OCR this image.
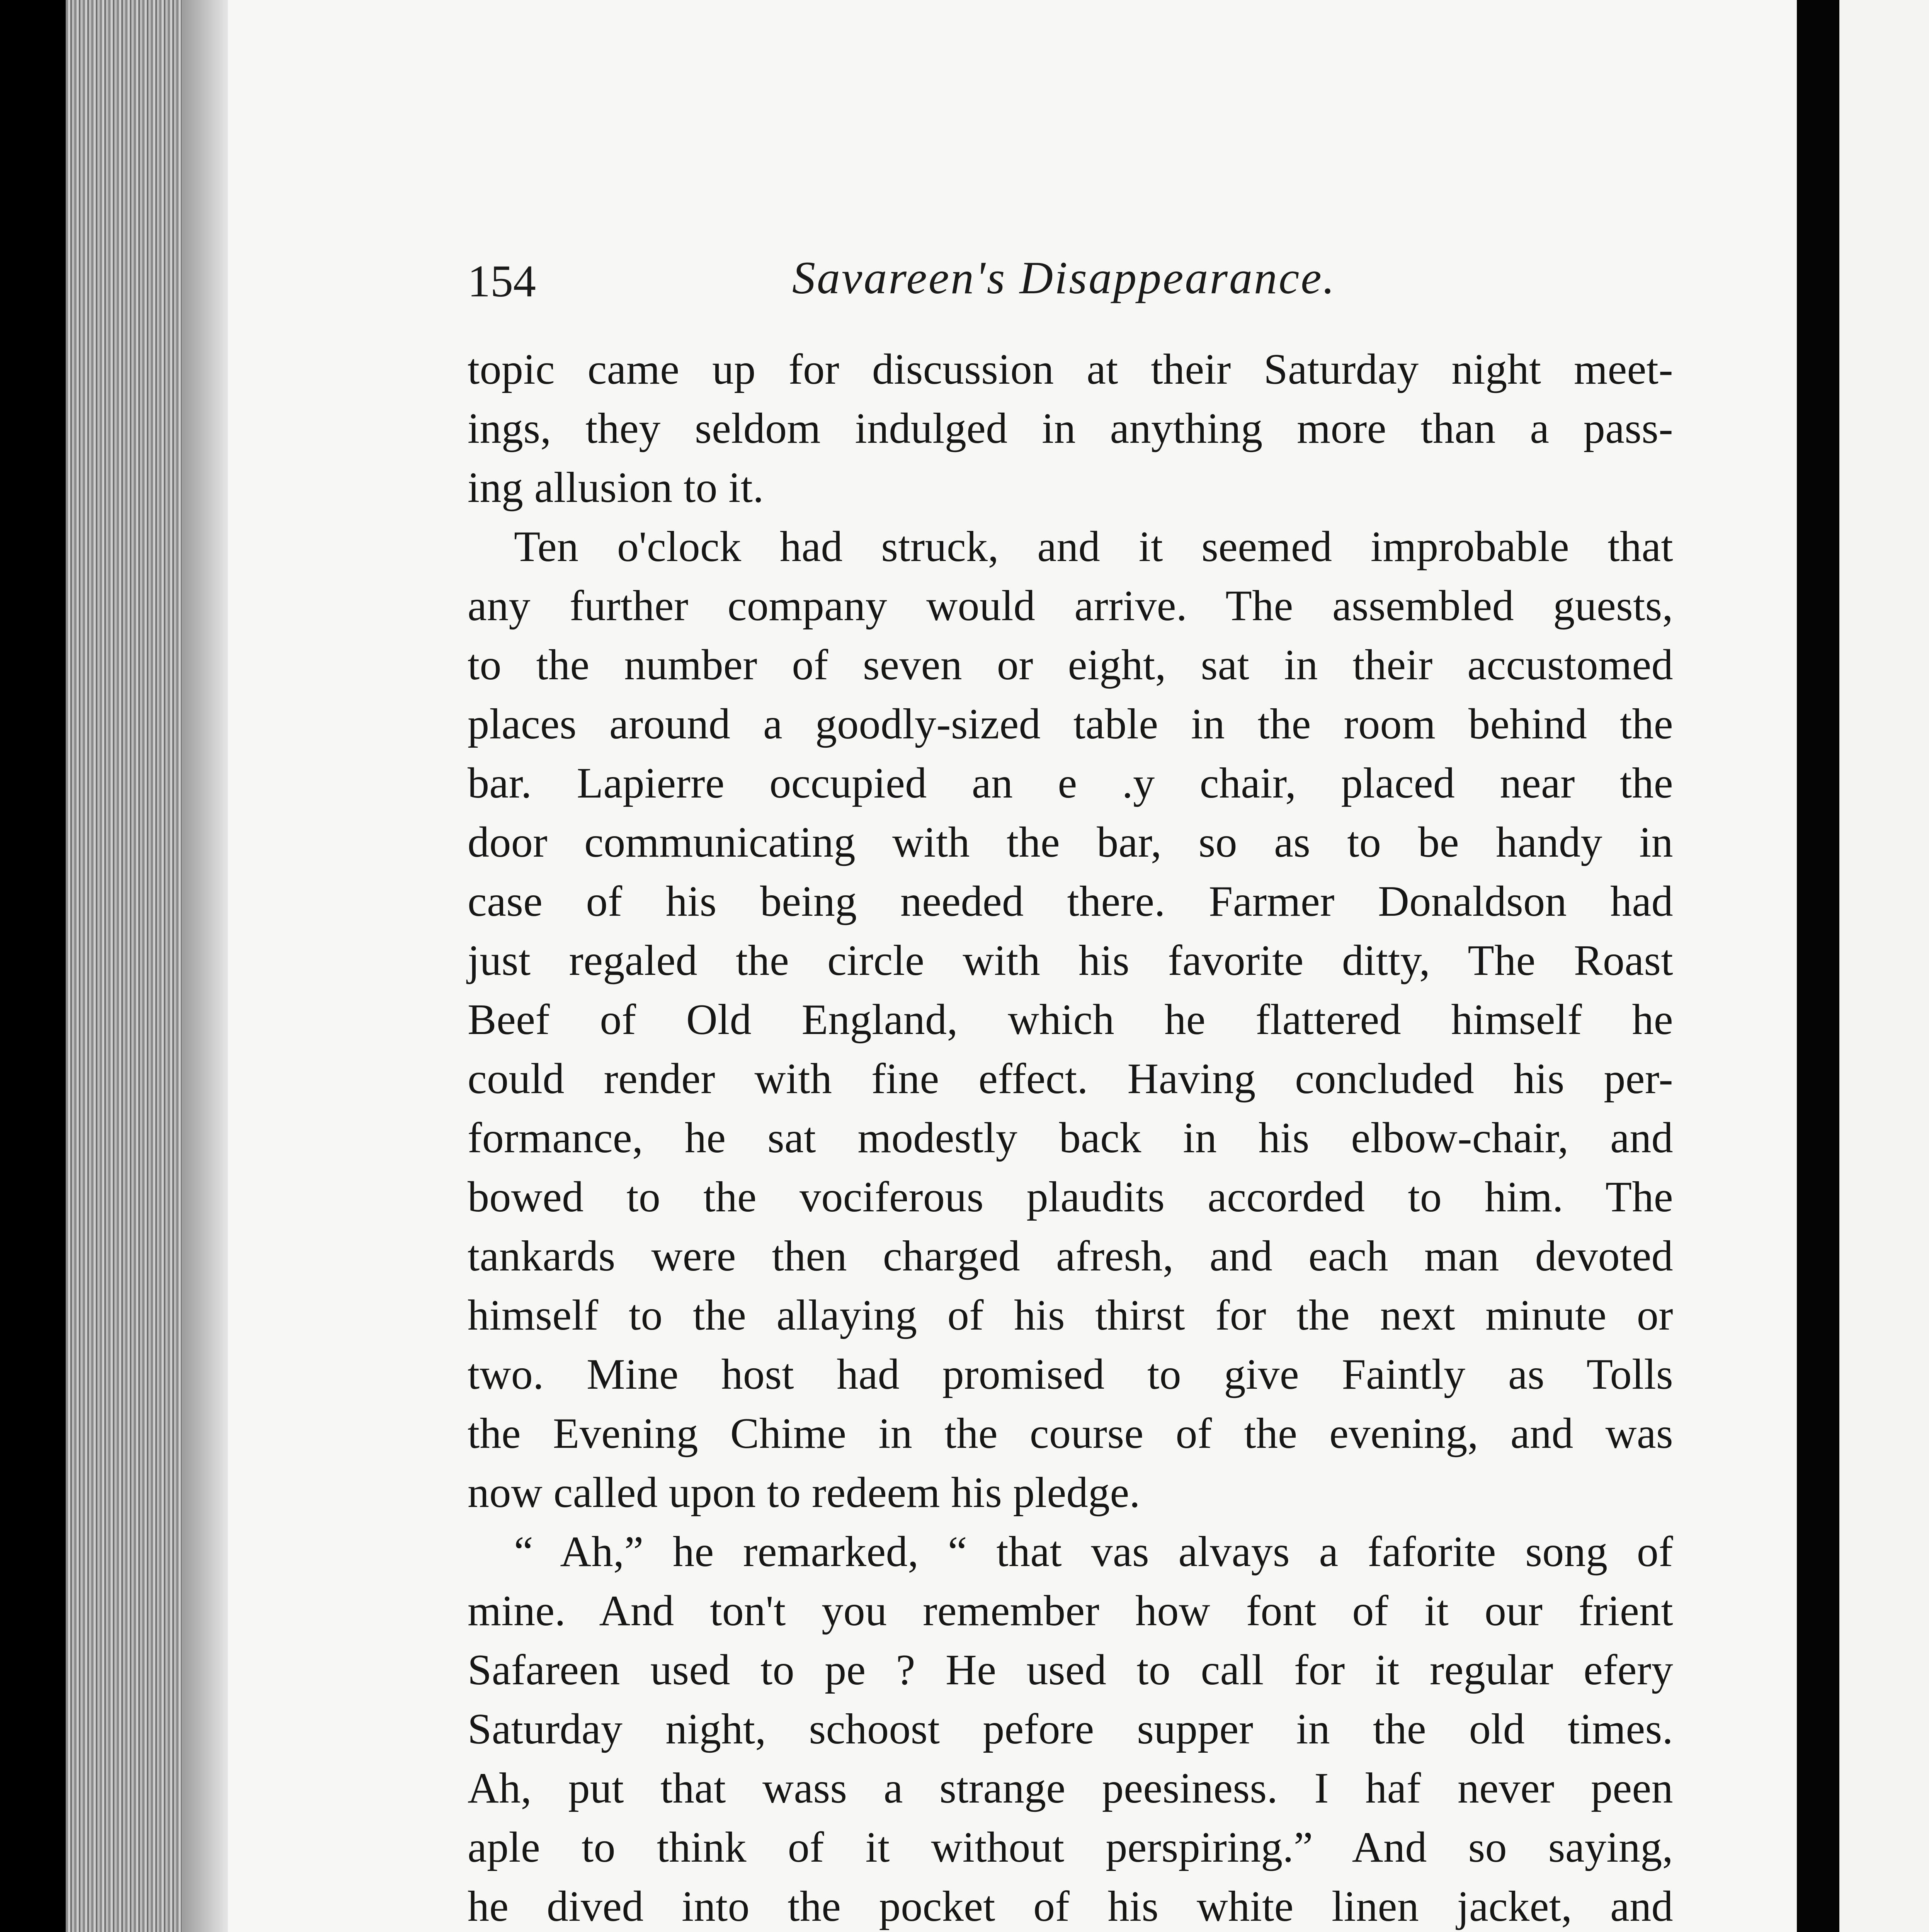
154	Savareen's Disappearance.
topic came up for discussion at their Saturday night meet-
ings, they seldom indulged in anything more than a pass-
ing allusion to it.
Ten o'clock had struck, and it seemed improbable that
any further company would arrive. The assembled guests,
to the number of seven or eight, sat in their accustomed
places around a goodly-sized table in the room behind the
bar. Lapierre occupied an e .y chair, placed near the
door communicating with the bar, so as to be handy in
case of his being needed there. Farmer Donaldson had
just regaled the circle with his favorite ditty, The Roast
Beef of Old England, which he flattered himself he
could render with fine effect. Having concluded his per-
formance, he sat modestly back in his elbow-chair, and
bowed to the vociferous plaudits accorded to him. The
tankards were then charged afresh, and each man devoted
himself to the allaying of his thirst for the next minute or
two. Mine host had promised to give Faintly as Tolls
the Evening Chime in the course of the evening, and was
now called upon to redeem his pledge.
“ Ah,” he remarked, “ that vas alvays a faforite song of
mine. And ton't you remember how font of it our frient
Safareen used to pe ? He used to call for it regular efery
Saturday night, schoost pefore supper in the old times.
Ah, put that wass a strange peesiness. I haf never peen
aple to think of it without perspiring.” And so saying,
he dived into the pocket of his white linen jacket, and
